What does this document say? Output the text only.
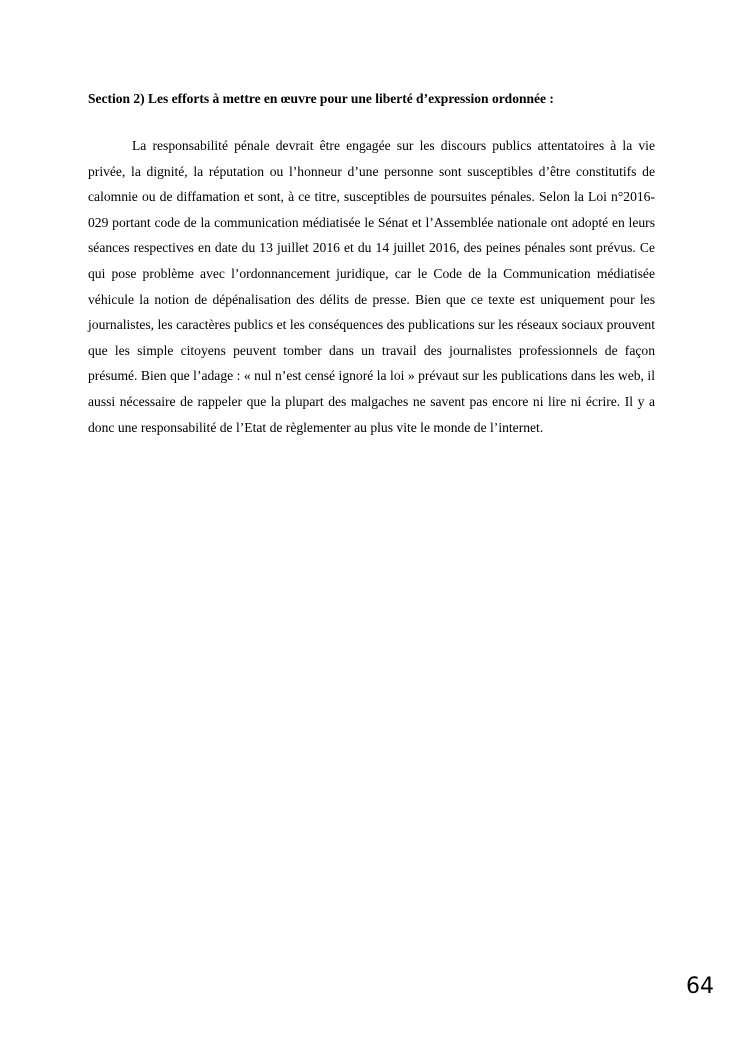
Section 2) Les efforts à mettre en œuvre pour une liberté d’expression ordonnée :

La responsabilité pénale devrait être engagée sur les discours publics attentatoires à la vie privée, la dignité, la réputation ou l’honneur d’une personne sont susceptibles d’être constitutifs de calomnie ou de diffamation et sont, à ce titre, susceptibles de poursuites pénales. Selon la Loi n°2016-029 portant code de la communication médiatisée le Sénat et l’Assemblée nationale ont adopté en leurs séances respectives en date du 13 juillet 2016 et du 14 juillet 2016, des peines pénales sont prévus. Ce qui pose problème avec l’ordonnancement juridique, car le Code de la Communication médiatisée véhicule la notion de dépénalisation des délits de presse. Bien que ce texte est uniquement pour les journalistes, les caractères publics et les conséquences des publications sur les réseaux sociaux prouvent que les simple citoyens peuvent tomber dans un travail des journalistes professionnels de façon présumé. Bien que l’adage : « nul n’est censé ignoré la loi » prévaut sur les publications dans les web, il aussi nécessaire de rappeler que la plupart des malgaches ne savent pas encore ni lire ni écrire. Il y a donc une responsabilité de l’Etat de règlementer au plus vite le monde de l’internet.

64
